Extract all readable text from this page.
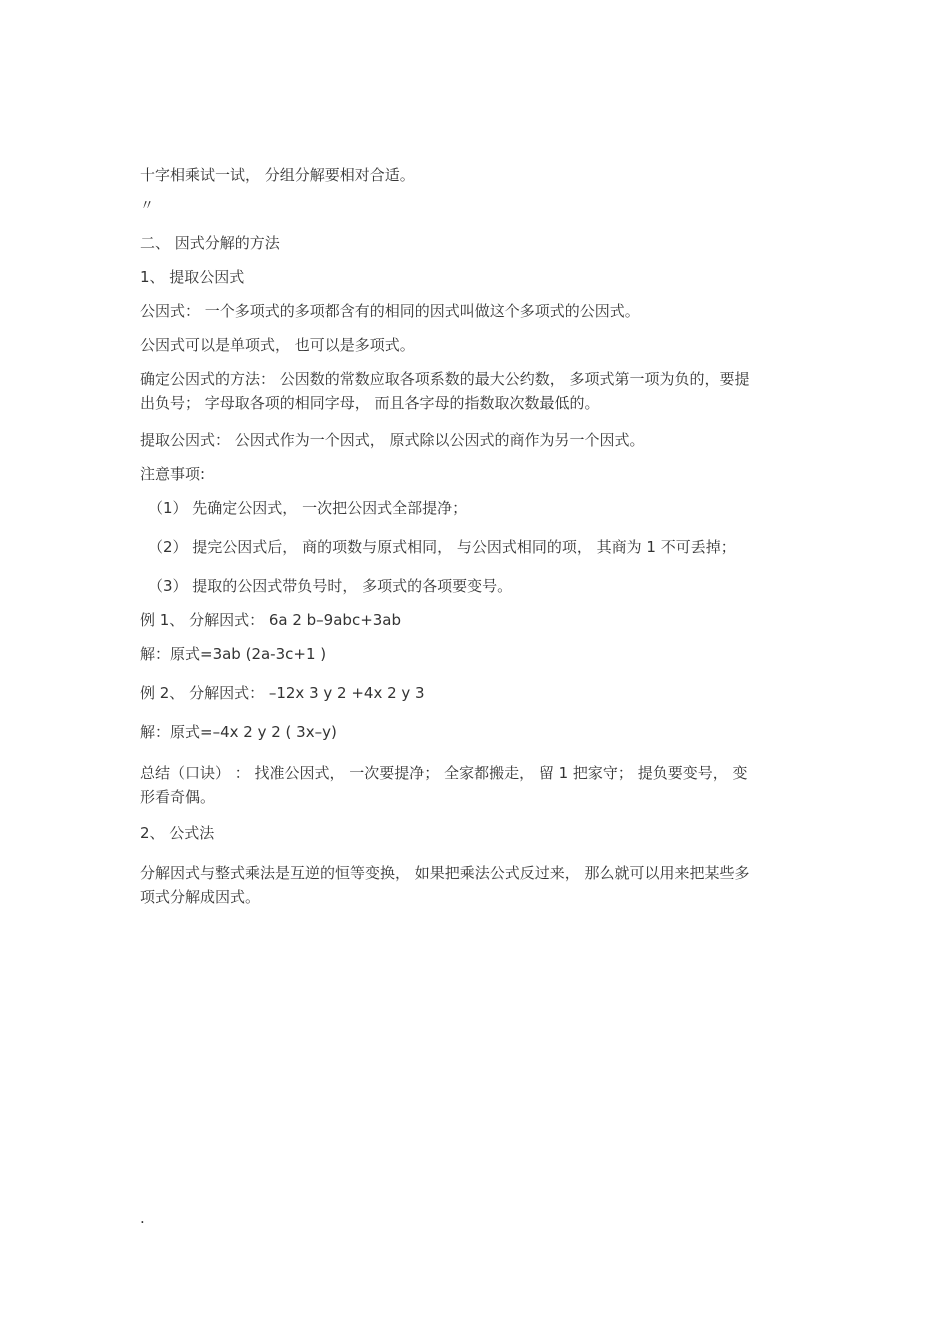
十字相乘试一试， 分组分解要相对合适。
〃
二、 因式分解的方法
1、 提取公因式
公因式： 一个多项式的多项都含有的相同的因式叫做这个多项式的公因式。
公因式可以是单项式， 也可以是多项式。
确定公因式的方法： 公因数的常数应取各项系数的最大公约数， 多项式第一项为负的，要提
出负号； 字母取各项的相同字母， 而且各字母的指数取次数最低的。
提取公因式： 公因式作为一个因式， 原式除以公因式的商作为另一个因式。
注意事项:
（1） 先确定公因式， 一次把公因式全部提净；
（2） 提完公因式后， 商的项数与原式相同， 与公因式相同的项， 其商为 1 不可丢掉；
（3） 提取的公因式带负号时， 多项式的各项要变号。
例 1、 分解因式： 6a 2 b–9abc+3ab
解：原式=3ab (2a-3c+1 )
例 2、 分解因式： –12x 3 y 2 +4x 2 y 3
解：原式=–4x 2 y 2 ( 3x–y)
总结（口诀） ： 找准公因式， 一次要提净； 全家都搬走， 留 1 把家守； 提负要变号， 变
形看奇偶。
2、 公式法
分解因式与整式乘法是互逆的恒等变换， 如果把乘法公式反过来， 那么就可以用来把某些多
项式分解成因式。
.
